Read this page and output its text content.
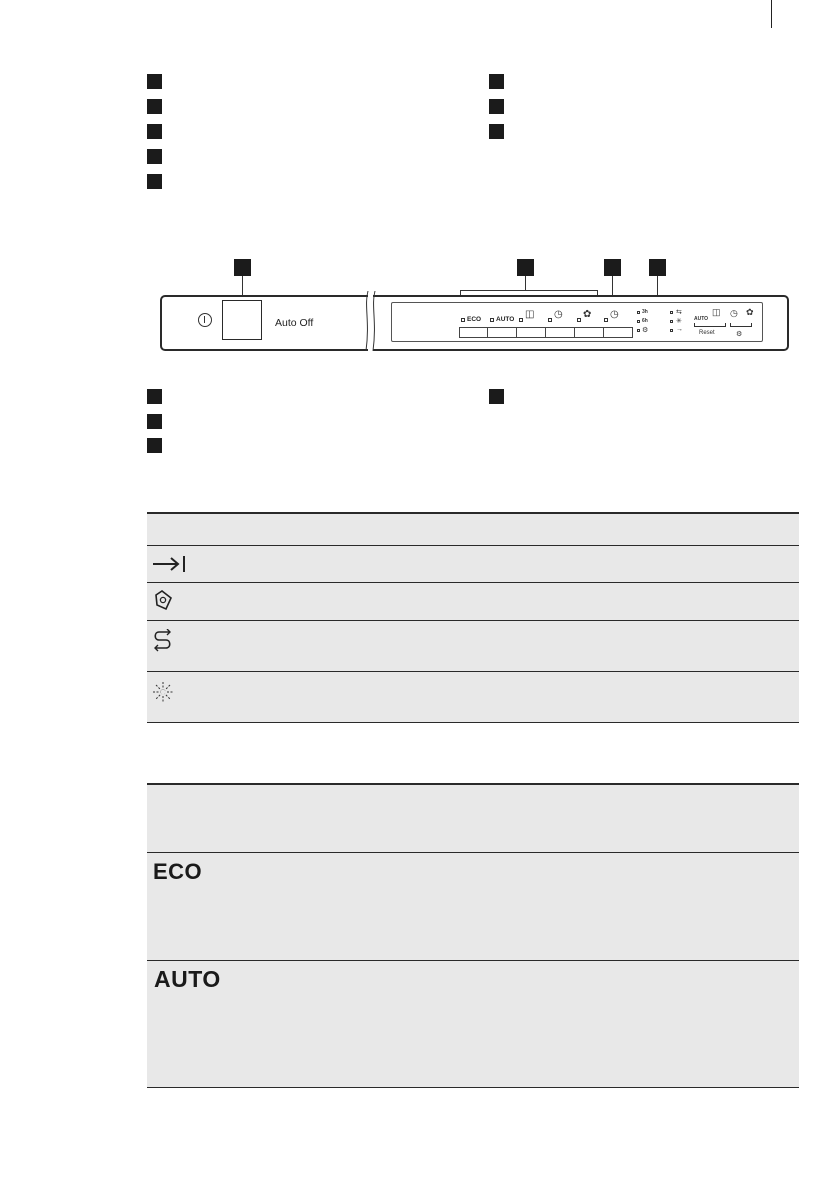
Auto Off	ECO AUTO ◫ ◷ ✿ ◷	3h
6h
⚙
⇆
✳
→
AUTO
◫
Reset
◷ ✿
⚙
ECO
AUTO
